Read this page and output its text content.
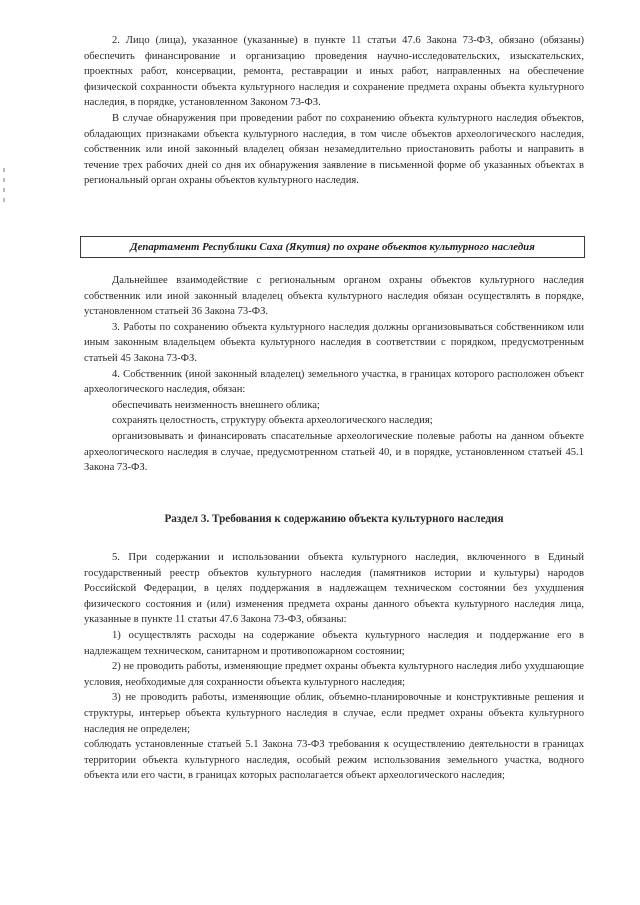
2. Лицо (лица), указанное (указанные) в пункте 11 статьи 47.6 Закона 73-ФЗ, обязано (обязаны) обеспечить финансирование и организацию проведения научно-исследовательских, изыскательских, проектных работ, консервации, ремонта, реставрации и иных работ, направленных на обеспечение физической сохранности объекта культурного наследия и сохранение предмета охраны объекта культурного наследия, в порядке, установленном Законом 73-ФЗ.

В случае обнаружения при проведении работ по сохранению объекта культурного наследия объектов, обладающих признаками объекта культурного наследия, в том числе объектов археологического наследия, собственник или иной законный владелец обязан незамедлительно приостановить работы и направить в течение трех рабочих дней со дня их обнаружения заявление в письменной форме об указанных объектах в региональный орган охраны объектов культурного наследия.

Департамент Республики Саха (Якутия) по охране объектов культурного наследия

Дальнейшее взаимодействие с региональным органом охраны объектов культурного наследия собственник или иной законный владелец объекта культурного наследия обязан осуществлять в порядке, установленном статьей 36 Закона 73-ФЗ.

3. Работы по сохранению объекта культурного наследия должны организовываться собственником или иным законным владельцем объекта культурного наследия в соответствии с порядком, предусмотренным статьей 45 Закона 73-ФЗ.

4. Собственник (иной законный владелец) земельного участка, в границах которого расположен объект археологического наследия, обязан:

обеспечивать неизменность внешнего облика;

сохранять целостность, структуру объекта археологического наследия;

организовывать и финансировать спасательные археологические полевые работы на данном объекте археологического наследия в случае, предусмотренном статьей 40, и в порядке, установленном статьей 45.1 Закона 73-ФЗ.

Раздел 3. Требования к содержанию объекта культурного наследия

5. При содержании и использовании объекта культурного наследия, включенного в Единый государственный реестр объектов культурного наследия (памятников истории и культуры) народов Российской Федерации, в целях поддержания в надлежащем техническом состоянии без ухудшения физического состояния и (или) изменения предмета охраны данного объекта культурного наследия лица, указанные в пункте 11 статьи 47.6 Закона 73-ФЗ, обязаны:

1) осуществлять расходы на содержание объекта культурного наследия и поддержание его в надлежащем техническом, санитарном и противопожарном состоянии;

2) не проводить работы, изменяющие предмет охраны объекта культурного наследия либо ухудшающие условия, необходимые для сохранности объекта культурного наследия;

3) не проводить работы, изменяющие облик, объемно-планировочные и конструктивные решения и структуры, интерьер объекта культурного наследия в случае, если предмет охраны объекта культурного наследия не определен;

соблюдать установленные статьей 5.1 Закона 73-ФЗ требования к осуществлению деятельности в границах территории объекта культурного наследия, особый режим использования земельного участка, водного объекта или его части, в границах которых располагается объект археологического наследия;
